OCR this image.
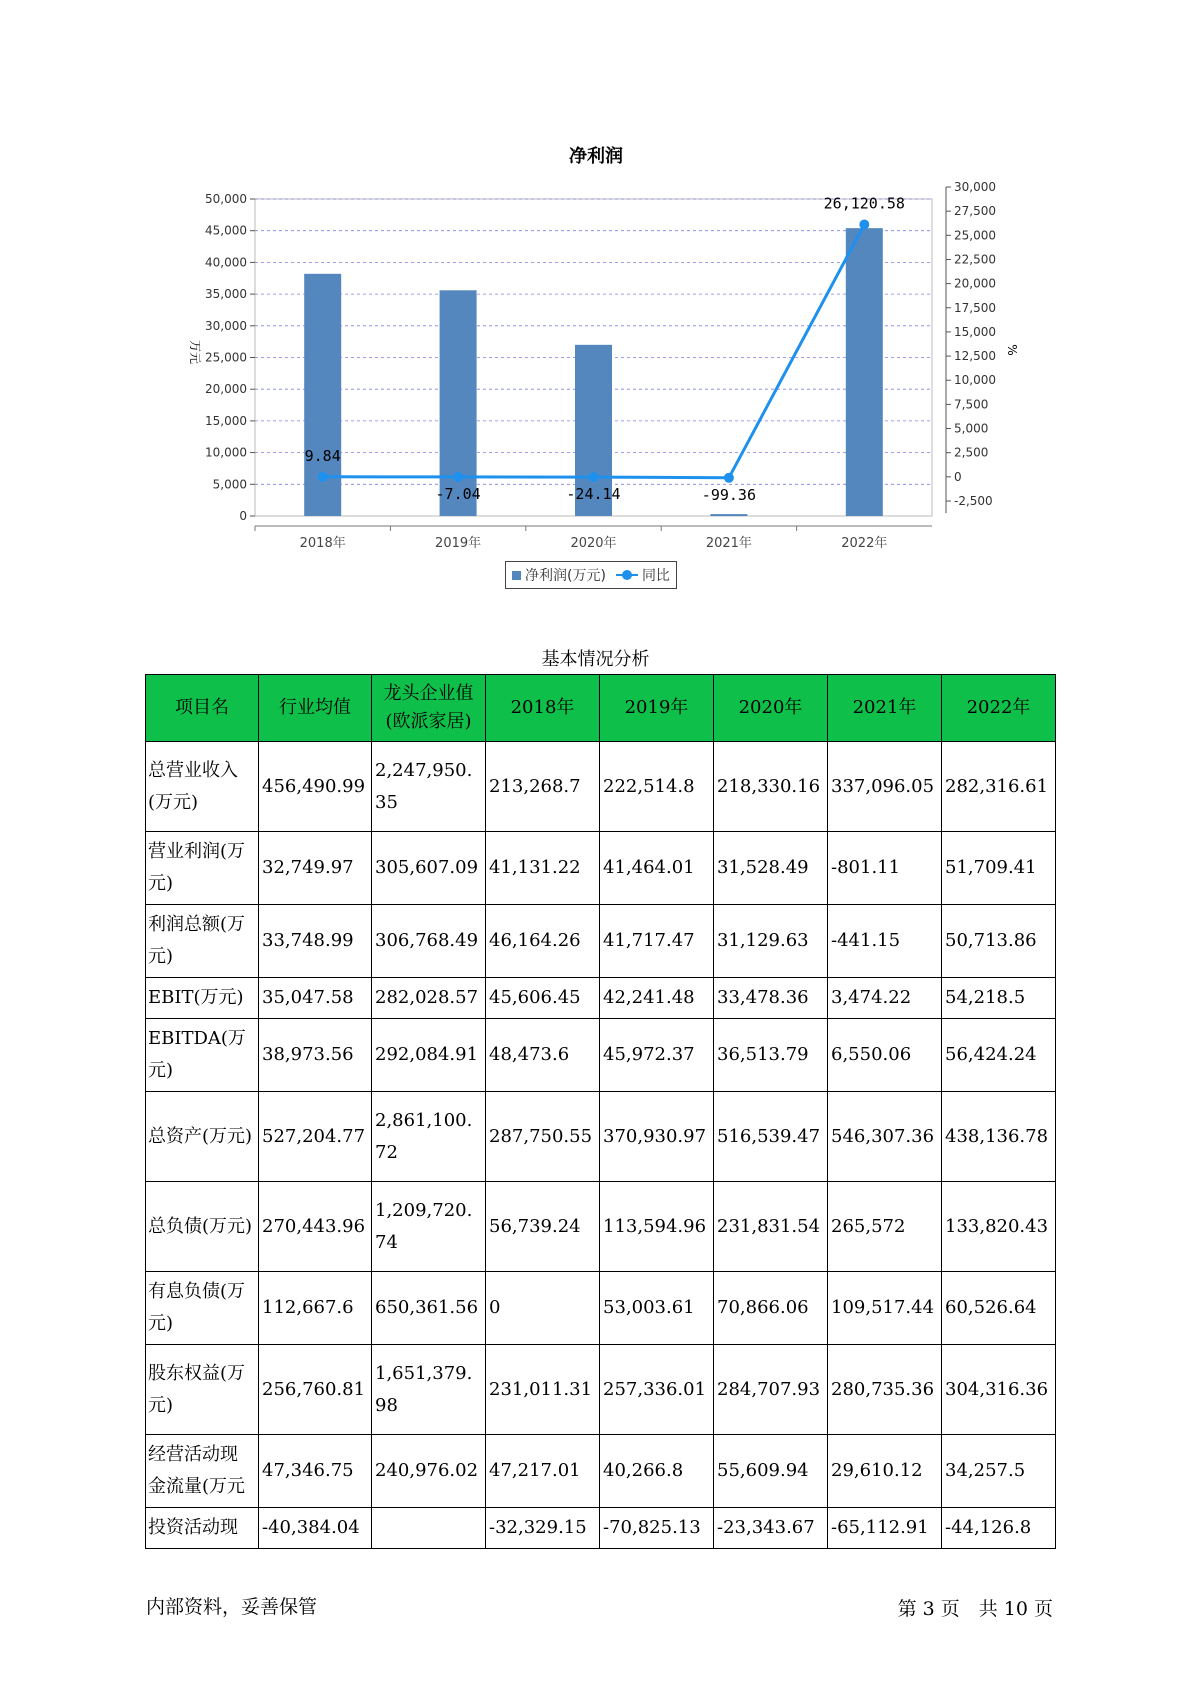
净利润
0
5,000
10,000
15,000
20,000
25,000
30,000
35,000
40,000
45,000
50,000
-2,500
0
2,500
5,000
7,500
10,000
12,500
15,000
17,500
20,000
22,500
25,000
27,500
30,000
万元	%
2018年	2019年	2020年	2021年	2022年
9.84
-7.04	-24.14	-99.36
26,120.58
净利润(万元)	同比
基本情况分析
项目名	行业均值	龙头企业值(欧派家居)	2018年	2019年	2020年	2021年	2022年
总营业收入(万元)	456,490.99	2,247,950.35	213,268.7	222,514.8	218,330.16	337,096.05	282,316.61
营业利润(万元)	32,749.97	305,607.09	41,131.22	41,464.01	31,528.49	-801.11	51,709.41
利润总额(万元)	33,748.99	306,768.49	46,164.26	41,717.47	31,129.63	-441.15	50,713.86
EBIT(万元)	35,047.58	282,028.57	45,606.45	42,241.48	33,478.36	3,474.22	54,218.5
EBITDA(万元)	38,973.56	292,084.91	48,473.6	45,972.37	36,513.79	6,550.06	56,424.24
总资产(万元)	527,204.77	2,861,100.72	287,750.55	370,930.97	516,539.47	546,307.36	438,136.78
总负债(万元)	270,443.96	1,209,720.74	56,739.24	113,594.96	231,831.54	265,572	133,820.43
有息负债(万元)	112,667.6	650,361.56	0	53,003.61	70,866.06	109,517.44	60,526.64
股东权益(万元)	256,760.81	1,651,379.98	231,011.31	257,336.01	284,707.93	280,735.36	304,316.36
经营活动现金流量(万元	47,346.75	240,976.02	47,217.01	40,266.8	55,609.94	29,610.12	34,257.5
投资活动现	-40,384.04		-32,329.15	-70,825.13	-23,343.67	-65,112.91	-44,126.8
内部资料，妥善保管	第 3 页　共 10 页
